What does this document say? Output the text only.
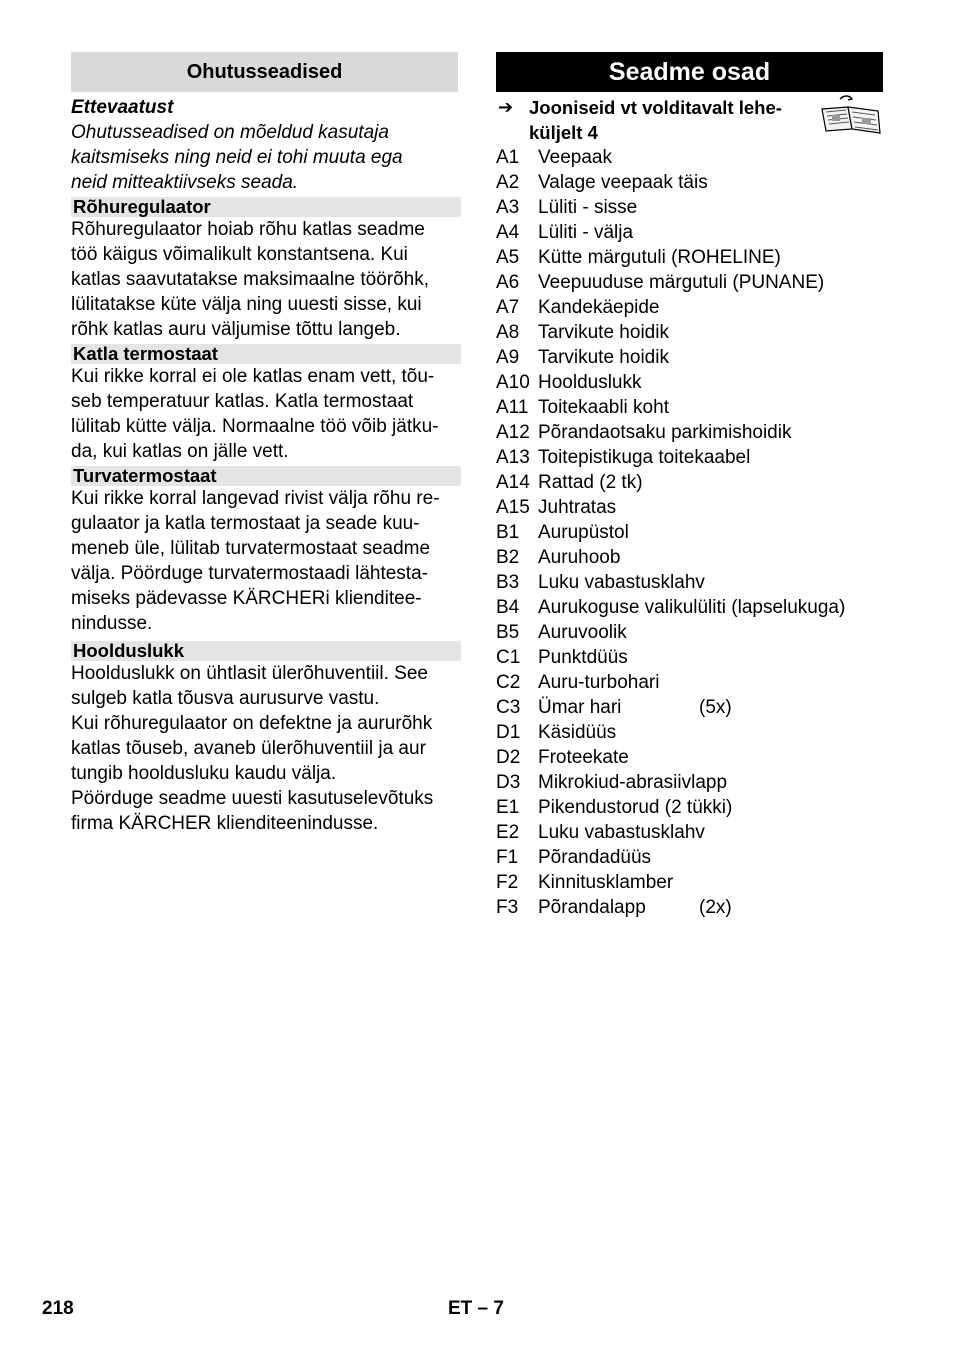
Ohutusseadised
Ettevaatust
Ohutusseadised on mõeldud kasutaja
kaitsmiseks ning neid ei tohi muuta ega
neid mitteaktiivseks seada.
Rõhuregulaator

Rõhuregulaator hoiab rõhu katlas seadme
töö käigus võimalikult konstantsena. Kui
katlas saavutatakse maksimaalne töörõhk,
lülitatakse küte välja ning uuesti sisse, kui
rõhk katlas auru väljumise tõttu langeb.

Katla termostaat

Kui rikke korral ei ole katlas enam vett, tõu-
seb temperatuur katlas. Katla termostaat
lülitab kütte välja. Normaalne töö võib jätku-
da, kui katlas on jälle vett.

Turvatermostaat

Kui rikke korral langevad rivist välja rõhu re-
gulaator ja katla termostaat ja seade kuu-
meneb üle, lülitab turvatermostaat seadme
välja. Pöörduge turvatermostaadi lähtesta-
miseks pädevasse KÄRCHERi klienditee-
nindusse.

Hoolduslukk

Hoolduslukk on ühtlasit ülerõhuventiil. See
sulgeb katla tõusva aurusurve vastu.
Kui rõhuregulaator on defektne ja aururõhk
katlas tõuseb, avaneb ülerõhuventiil ja aur
tungib hooldusluku kaudu välja.
Pöörduge seadme uuesti kasutuselevõtuks
firma KÄRCHER klienditeenindusse.

Seadme osad
➔ Jooniseid vt volditavalt lehe-
küljelt 4
A1 Veepaak
A2 Valage veepaak täis
A3 Lüliti - sisse
A4 Lüliti - välja
A5 Kütte märgutuli (ROHELINE)
A6 Veepuuduse märgutuli (PUNANE)
A7 Kandekäepide
A8 Tarvikute hoidik
A9 Tarvikute hoidik
A10 Hoolduslukk
A11 Toitekaabli koht
A12 Põrandaotsaku parkimishoidik
A13 Toitepistikuga toitekaabel
A14 Rattad (2 tk)
A15 Juhtratas
B1 Aurupüstol
B2 Auruhoob
B3 Luku vabastusklahv
B4 Aurukoguse valikulüliti (lapselukuga)
B5 Auruvoolik
C1 Punktdüüs
C2 Auru-turbohari
C3 Ümar hari	(5x)
D1 Käsidüüs
D2 Froteekate
D3 Mikrokiud-abrasiivlapp
E1 Pikendustorud (2 tükki)
E2 Luku vabastusklahv
F1 Põrandadüüs
F2 Kinnitusklamber
F3 Põrandalapp	(2x)
218	ET – 7
